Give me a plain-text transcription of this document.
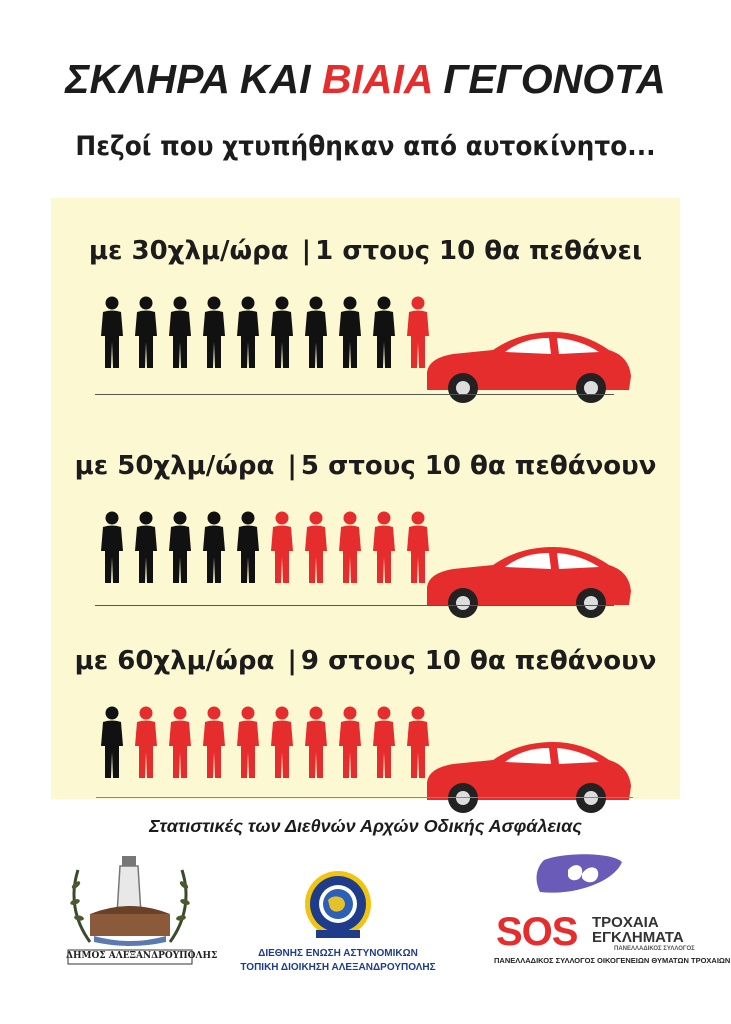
ΣΚΛΗΡΑ ΚΑΙ ΒΙΑΙΑ ΓΕΓΟΝΟΤΑ
Πεζοί που χτυπήθηκαν από αυτοκίνητο...
με 30χλμ/ώρα | 1 στους 10 θα πεθάνει
με 50χλμ/ώρα | 5 στους 10 θα πεθάνουν
με 60χλμ/ώρα | 9 στους 10 θα πεθάνουν
Στατιστικές των Διεθνών Αρχών Οδικής Ασφάλειας
ΔΗΜΟΣ ΑΛΕΞΑΝΔΡΟΥΠΟΛΗΣ	ΔΙΕΘΝΗΣ ΕΝΩΣΗ ΑΣΤΥΝΟΜΙΚΩΝ
ΤΟΠΙΚΗ ΔΙΟΙΚΗΣΗ ΑΛΕΞΑΝΔΡΟΥΠΟΛΗΣ
SOS ΤΡΟΧΑΙΑ
ΕΓΚΛΗΜΑΤΑ
ΠΑΝΕΛΛΑΔΙΚΟΣ ΣΥΛΛΟΓΟΣ
ΠΑΝΕΛΛΑΔΙΚΟΣ ΣΥΛΛΟΓΟΣ ΟΙΚΟΓΕΝΕΙΩΝ ΘΥΜΑΤΩΝ ΤΡΟΧΑΙΩΝ
